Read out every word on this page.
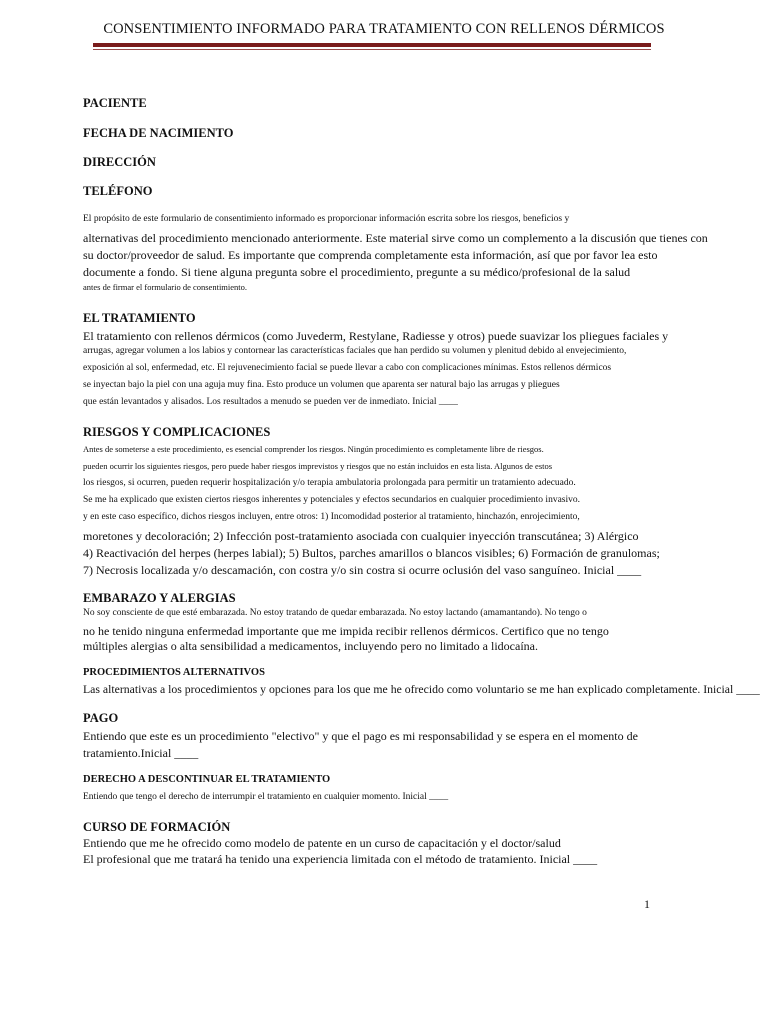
CONSENTIMIENTO INFORMADO PARA TRATAMIENTO CON RELLENOS DÉRMICOS
PACIENTE
FECHA DE NACIMIENTO
DIRECCIÓN
TELÉFONO
El propósito de este formulario de consentimiento informado es proporcionar información escrita sobre los riesgos, beneficios y
alternativas del procedimiento mencionado anteriormente. Este material sirve como un complemento a la discusión que tienes con
su doctor/proveedor de salud. Es importante que comprenda completamente esta información, así que por favor lea esto
documente a fondo. Si tiene alguna pregunta sobre el procedimiento, pregunte a su médico/profesional de la salud
antes de firmar el formulario de consentimiento.
EL TRATAMIENTO
El tratamiento con rellenos dérmicos (como Juvederm, Restylane, Radiesse y otros) puede suavizar los pliegues faciales y
arrugas, agregar volumen a los labios y contornear las características faciales que han perdido su volumen y plenitud debido al envejecimiento,
exposición al sol, enfermedad, etc. El rejuvenecimiento facial se puede llevar a cabo con complicaciones mínimas. Estos rellenos dérmicos
se inyectan bajo la piel con una aguja muy fina. Esto produce un volumen que aparenta ser natural bajo las arrugas y pliegues
que están levantados y alisados. Los resultados a menudo se pueden ver de inmediato. Inicial ____
RIESGOS Y COMPLICACIONES
Antes de someterse a este procedimiento, es esencial comprender los riesgos. Ningún procedimiento es completamente libre de riesgos.
pueden ocurrir los siguientes riesgos, pero puede haber riesgos imprevistos y riesgos que no están incluidos en esta lista. Algunos de estos
los riesgos, si ocurren, pueden requerir hospitalización y/o terapia ambulatoria prolongada para permitir un tratamiento adecuado.
Se me ha explicado que existen ciertos riesgos inherentes y potenciales y efectos secundarios en cualquier procedimiento invasivo.
y en este caso específico, dichos riesgos incluyen, entre otros: 1) Incomodidad posterior al tratamiento, hinchazón, enrojecimiento,
moretones y decoloración; 2) Infección post-tratamiento asociada con cualquier inyección transcutánea; 3) Alérgico
4) Reactivación del herpes (herpes labial); 5) Bultos, parches amarillos o blancos visibles; 6) Formación de granulomas;
7) Necrosis localizada y/o descamación, con costra y/o sin costra si ocurre oclusión del vaso sanguíneo. Inicial ____
EMBARAZO Y ALERGIAS
No soy consciente de que esté embarazada. No estoy tratando de quedar embarazada. No estoy lactando (amamantando). No tengo o
no he tenido ninguna enfermedad importante que me impida recibir rellenos dérmicos. Certifico que no tengo
múltiples alergias o alta sensibilidad a medicamentos, incluyendo pero no limitado a lidocaína.
PROCEDIMIENTOS ALTERNATIVOS
Las alternativas a los procedimientos y opciones para los que me he ofrecido como voluntario se me han explicado completamente. Inicial ____
PAGO
Entiendo que este es un procedimiento "electivo" y que el pago es mi responsabilidad y se espera en el momento de
tratamiento.Inicial ____
DERECHO A DESCONTINUAR EL TRATAMIENTO
Entiendo que tengo el derecho de interrumpir el tratamiento en cualquier momento. Inicial ____
CURSO DE FORMACIÓN
Entiendo que me he ofrecido como modelo de patente en un curso de capacitación y el doctor/salud
El profesional que me tratará ha tenido una experiencia limitada con el método de tratamiento. Inicial ____
1
